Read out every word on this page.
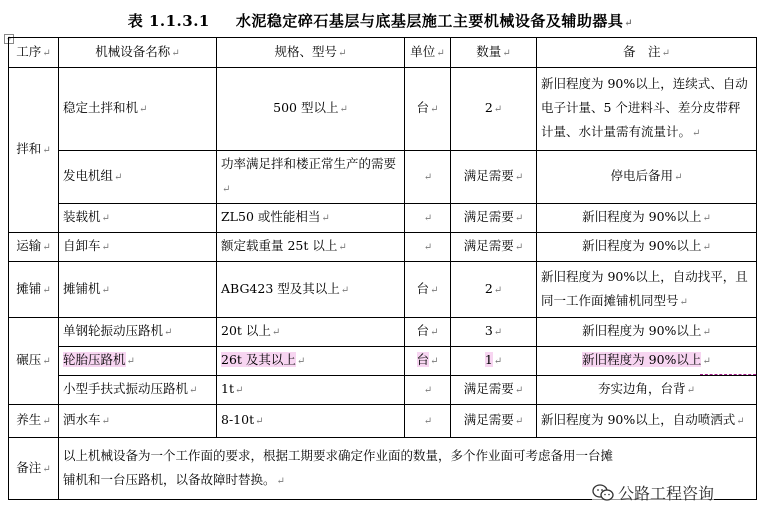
表 1.1.3.1 水泥稳定碎石基层与底基层施工主要机械设备及辅助器具↵
+
工序↵	机械设备名称↵	规格、型号↵	单位↵	数量↵	备　注↵
拌和↵	稳定土拌和机↵	500 型以上↵	台↵	2↵	新旧程度为 90%以上，连续式、自动电子计量、5 个进料斗、差分皮带秤计量、水计量需有流量计。↵
	发电机组↵	功率满足拌和楼正常生产的需要↵	↵	满足需要↵	停电后备用↵
	装载机↵	ZL50 或性能相当↵	↵	满足需要↵	新旧程度为 90%以上↵
运输↵	自卸车↵	额定载重量 25t 以上↵	↵	满足需要↵	新旧程度为 90%以上↵
摊铺↵	摊铺机↵	ABG423 型及其以上↵	台↵	2↵	新旧程度为 90%以上，自动找平，且同一工作面摊铺机同型号↵
碾压↵	单钢轮振动压路机↵	20t 以上↵	台↵	3↵	新旧程度为 90%以上↵
	轮胎压路机↵	26t 及其以上↵	台↵	1↵	新旧程度为 90%以上↵
	小型手扶式振动压路机↵	1t↵	↵	满足需要↵	夯实边角，台背↵
养生↵	洒水车↵	8-10t↵	↵	满足需要↵	新旧程度为 90%以上，自动喷洒式↵
备注↵	以上机械设备为一个工作面的要求，根据工期要求确定作业面的数量，多个作业面可考虑备用一台摊铺机和一台压路机，以备故障时替换。↵				
公路工程咨询
